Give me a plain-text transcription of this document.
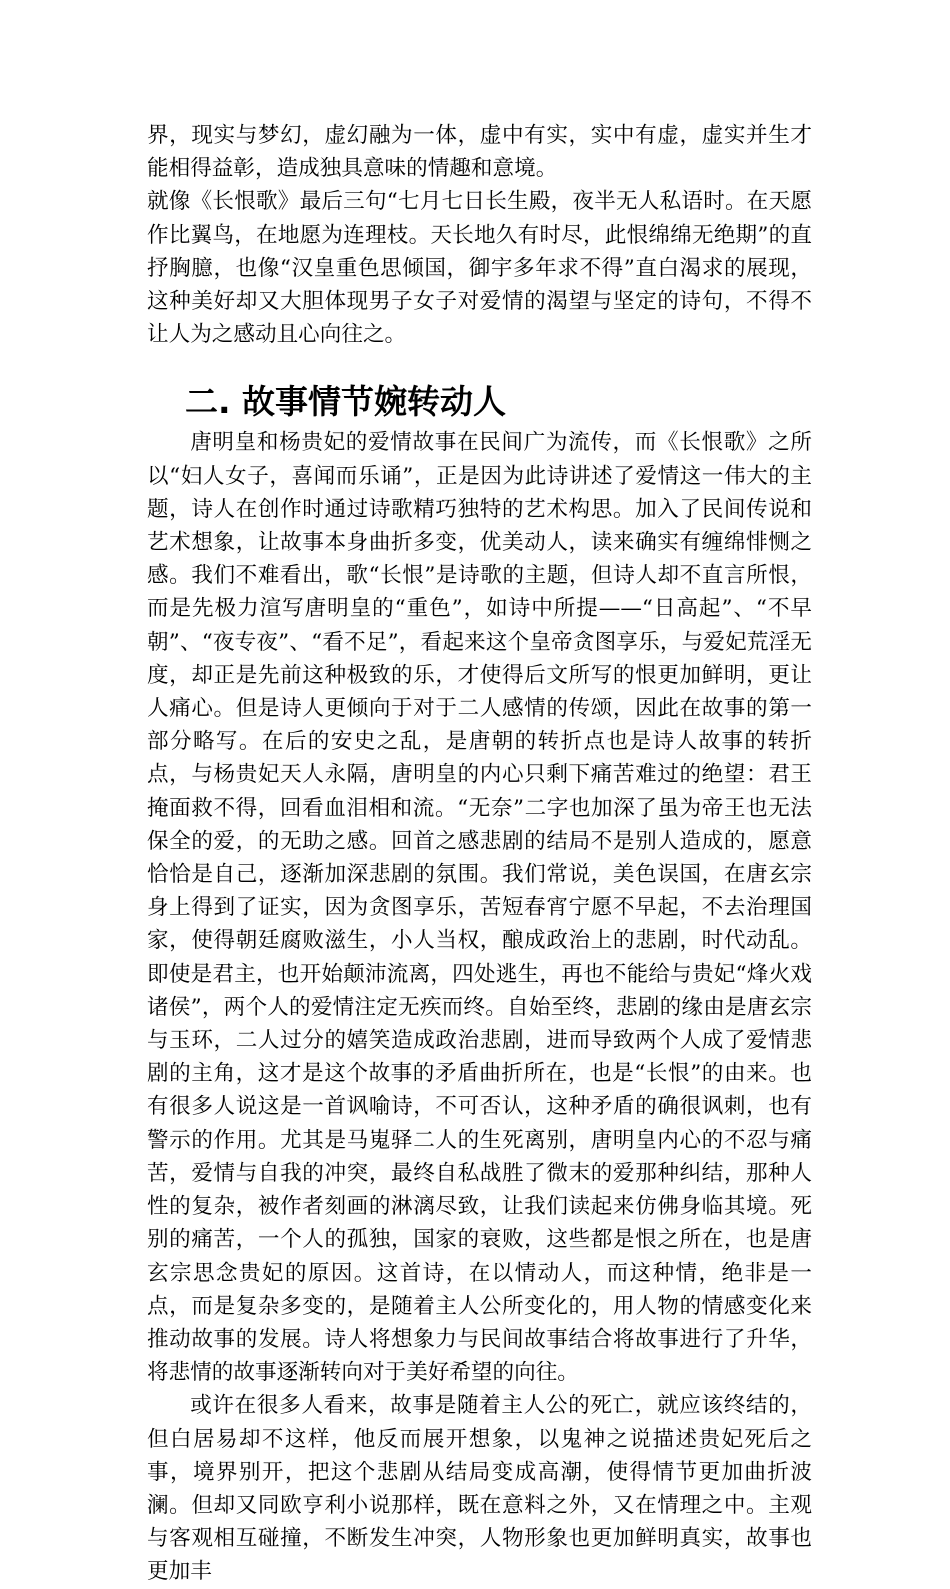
界，现实与梦幻，虚幻融为一体，虚中有实，实中有虚，虚实并生才能相得益彰，造成独具意味的情趣和意境。

就像《长恨歌》最后三句“七月七日长生殿，夜半无人私语时。在天愿作比翼鸟，在地愿为连理枝。天长地久有时尽，此恨绵绵无绝期”的直抒胸臆，也像“汉皇重色思倾国，御宇多年求不得”直白渴求的展现，这种美好却又大胆体现男子女子对爱情的渴望与坚定的诗句，不得不让人为之感动且心向往之。

二. 故事情节婉转动人

唐明皇和杨贵妃的爱情故事在民间广为流传，而《长恨歌》之所以“妇人女子，喜闻而乐诵”，正是因为此诗讲述了爱情这一伟大的主题，诗人在创作时通过诗歌精巧独特的艺术构思。加入了民间传说和艺术想象，让故事本身曲折多变，优美动人，读来确实有缠绵悱恻之感。我们不难看出，歌“长恨”是诗歌的主题，但诗人却不直言所恨，而是先极力渲写唐明皇的“重色”，如诗中所提——“日高起”、“不早朝”、“夜专夜”、“看不足”，看起来这个皇帝贪图享乐，与爱妃荒淫无度，却正是先前这种极致的乐，才使得后文所写的恨更加鲜明，更让人痛心。但是诗人更倾向于对于二人感情的传颂，因此在故事的第一部分略写。在后的安史之乱，是唐朝的转折点也是诗人故事的转折点，与杨贵妃天人永隔，唐明皇的内心只剩下痛苦难过的绝望：君王掩面救不得，回看血泪相和流。“无奈”二字也加深了虽为帝王也无法保全的爱，的无助之感。回首之感悲剧的结局不是别人造成的，愿意恰恰是自己，逐渐加深悲剧的氛围。我们常说，美色误国，在唐玄宗身上得到了证实，因为贪图享乐，苦短春宵宁愿不早起，不去治理国家，使得朝廷腐败滋生，小人当权，酿成政治上的悲剧，时代动乱。即使是君主，也开始颠沛流离，四处逃生，再也不能给与贵妃“烽火戏诸侯”，两个人的爱情注定无疾而终。自始至终，悲剧的缘由是唐玄宗与玉环，二人过分的嬉笑造成政治悲剧，进而导致两个人成了爱情悲剧的主角，这才是这个故事的矛盾曲折所在，也是“长恨”的由来。也有很多人说这是一首讽喻诗，不可否认，这种矛盾的确很讽刺，也有警示的作用。尤其是马嵬驿二人的生死离别，唐明皇内心的不忍与痛苦，爱情与自我的冲突，最终自私战胜了微末的爱那种纠结，那种人性的复杂，被作者刻画的淋漓尽致，让我们读起来仿佛身临其境。死别的痛苦，一个人的孤独，国家的衰败，这些都是恨之所在，也是唐玄宗思念贵妃的原因。这首诗，在以情动人，而这种情，绝非是一点，而是复杂多变的，是随着主人公所变化的，用人物的情感变化来推动故事的发展。诗人将想象力与民间故事结合将故事进行了升华，将悲情的故事逐渐转向对于美好希望的向往。

或许在很多人看来，故事是随着主人公的死亡，就应该终结的，但白居易却不这样，他反而展开想象，以鬼神之说描述贵妃死后之事，境界别开，把这个悲剧从结局变成高潮，使得情节更加曲折波澜。但却又同欧亨利小说那样，既在意料之外，又在情理之中。主观与客观相互碰撞，不断发生冲突，人物形象也更加鲜明真实，故事也更加丰
